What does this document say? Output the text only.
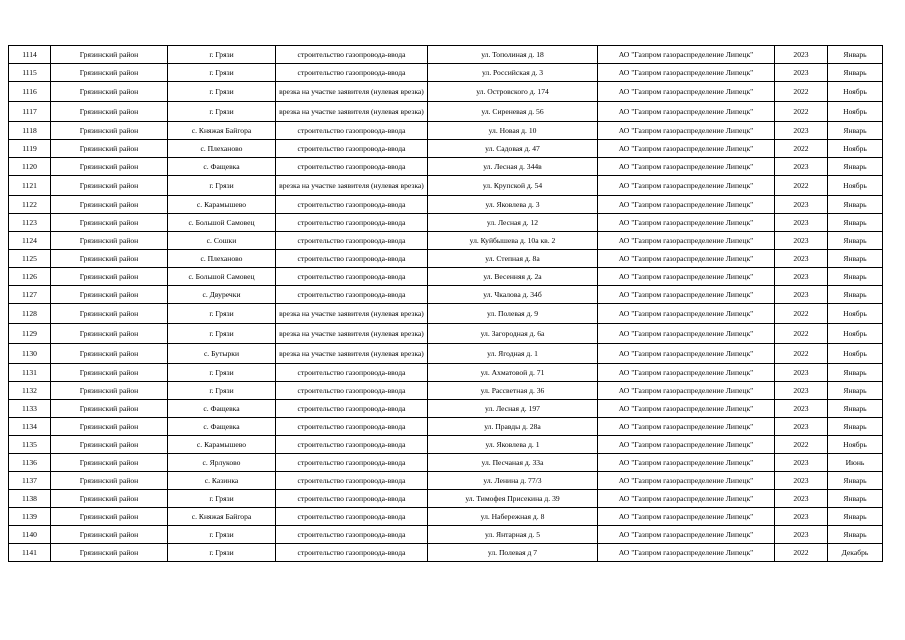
1114	Грязинский район	г. Грязи	строительство газопровода-ввода	ул. Тополиная д. 18	АО "Газпром газораспределение Липецк"	2023	Январь
1115	Грязинский район	г. Грязи	строительство газопровода-ввода	ул. Российская д. 3	АО "Газпром газораспределение Липецк"	2023	Январь
1116	Грязинский район	г. Грязи	врезка на участке заявителя (нулевая врезка)	ул. Островского д. 174	АО "Газпром газораспределение Липецк"	2022	Ноябрь
1117	Грязинский район	г. Грязи	врезка на участке заявителя (нулевая врезка)	ул. Сиреневая д. 56	АО "Газпром газораспределение Липецк"	2022	Ноябрь
1118	Грязинский район	с. Княжая Байгора	строительство газопровода-ввода	ул. Новая д. 10	АО "Газпром газораспределение Липецк"	2023	Январь
1119	Грязинский район	с. Плеханово	строительство газопровода-ввода	ул. Садовая д. 47	АО "Газпром газораспределение Липецк"	2022	Ноябрь
1120	Грязинский район	с. Фащевка	строительство газопровода-ввода	ул. Лесная д. 344в	АО "Газпром газораспределение Липецк"	2023	Январь
1121	Грязинский район	г. Грязи	врезка на участке заявителя (нулевая врезка)	ул. Крупской д. 54	АО "Газпром газораспределение Липецк"	2022	Ноябрь
1122	Грязинский район	с. Карамышево	строительство газопровода-ввода	ул. Яковлева д. 3	АО "Газпром газораспределение Липецк"	2023	Январь
1123	Грязинский район	с. Большой Самовец	строительство газопровода-ввода	ул. Лесная д. 12	АО "Газпром газораспределение Липецк"	2023	Январь
1124	Грязинский район	с. Сошки	строительство газопровода-ввода	ул. Куйбышева д. 10а кв. 2	АО "Газпром газораспределение Липецк"	2023	Январь
1125	Грязинский район	с. Плеханово	строительство газопровода-ввода	ул. Степная д. 8а	АО "Газпром газораспределение Липецк"	2023	Январь
1126	Грязинский район	с. Большой Самовец	строительство газопровода-ввода	ул. Весенняя д. 2а	АО "Газпром газораспределение Липецк"	2023	Январь
1127	Грязинский район	с. Двуречки	строительство газопровода-ввода	ул. Чкалова д. 34б	АО "Газпром газораспределение Липецк"	2023	Январь
1128	Грязинский район	г. Грязи	врезка на участке заявителя (нулевая врезка)	ул. Полевая д. 9	АО "Газпром газораспределение Липецк"	2022	Ноябрь
1129	Грязинский район	г. Грязи	врезка на участке заявителя (нулевая врезка)	ул. Загородная д. 6а	АО "Газпром газораспределение Липецк"	2022	Ноябрь
1130	Грязинский район	с. Бутырки	врезка на участке заявителя (нулевая врезка)	ул. Ягодная д. 1	АО "Газпром газораспределение Липецк"	2022	Ноябрь
1131	Грязинский район	г. Грязи	строительство газопровода-ввода	ул. Ахматовой д. 71	АО "Газпром газораспределение Липецк"	2023	Январь
1132	Грязинский район	г. Грязи	строительство газопровода-ввода	ул. Рассветная д. 36	АО "Газпром газораспределение Липецк"	2023	Январь
1133	Грязинский район	с. Фащевка	строительство газопровода-ввода	ул. Лесная д. 197	АО "Газпром газораспределение Липецк"	2023	Январь
1134	Грязинский район	с. Фащевка	строительство газопровода-ввода	ул. Правды д. 28а	АО "Газпром газораспределение Липецк"	2023	Январь
1135	Грязинский район	с. Карамышево	строительство газопровода-ввода	ул. Яковлева д. 1	АО "Газпром газораспределение Липецк"	2022	Ноябрь
1136	Грязинский район	с. Ярлуково	строительство газопровода-ввода	ул. Песчаная д. 33а	АО "Газпром газораспределение Липецк"	2023	Июнь
1137	Грязинский район	с. Казинка	строительство газопровода-ввода	ул. Ленина д. 77/3	АО "Газпром газораспределение Липецк"	2023	Январь
1138	Грязинский район	г. Грязи	строительство газопровода-ввода	ул. Тимофея Присекина д. 39	АО "Газпром газораспределение Липецк"	2023	Январь
1139	Грязинский район	с. Княжая Байгора	строительство газопровода-ввода	ул. Набережная д. 8	АО "Газпром газораспределение Липецк"	2023	Январь
1140	Грязинский район	г. Грязи	строительство газопровода-ввода	ул. Янтарная д. 5	АО "Газпром газораспределение Липецк"	2023	Январь
1141	Грязинский район	г. Грязи	строительство газопровода-ввода	ул. Полевая д 7	АО "Газпром газораспределение Липецк"	2022	Декабрь
